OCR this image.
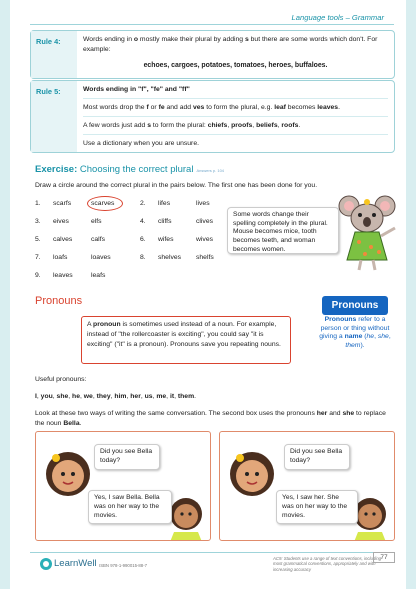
Language tools – Grammar
Rule 4:	Words ending in o mostly make their plural by adding s but there are some words which don't. For example:

echoes, cargoes, potatoes, tomatoes, heroes, buffaloes.

Rule 5:	Words ending in "f", "fe" and "ff"

Most words drop the f or fe and add ves to form the plural, e.g. leaf becomes leaves.

A few words just add s to form the plural: chiefs, proofs, beliefs, roofs.

Use a dictionary when you are unsure.

Exercise: Choosing the correct plural Answers p. 104
Draw a circle around the correct plural in the pairs below. The first one has been done for you.
1. scarfs	scarves	2. lifes	lives
3. eives	elfs	4. cliffs	clives
5. calves	calfs	6. wifes	wives
7. loafs	loaves	8. shelves shelfs
9. leaves	leafs
Some words change their spelling completely in the plural. Mouse becomes mice, tooth becomes teeth, and woman becomes women.
Pronouns
A pronoun is sometimes used instead of a noun. For example, instead of "the rollercoaster is exciting", you could say "it is exciting" ("it" is a pronoun). Pronouns save you repeating nouns.
Pronouns
Pronouns refer to a person or thing without giving a name (he, she, them).
Useful pronouns:
I, you, she, he, we, they, him, her, us, me, it, them.
Look at these two ways of writing the same conversation. The second box uses the pronouns her and she to replace the noun Bella.
Did you see Bella today?
Yes, I saw Bella. Bella was on her way to the movies.
Did you see Bella today?
Yes, I saw her. She was on her way to the movies.
LearnWell ISBN 978-1-990015-88-7
AC9: Students use a range of text conventions, including most grammatical conventions, appropriately and with increasing accuracy
77
